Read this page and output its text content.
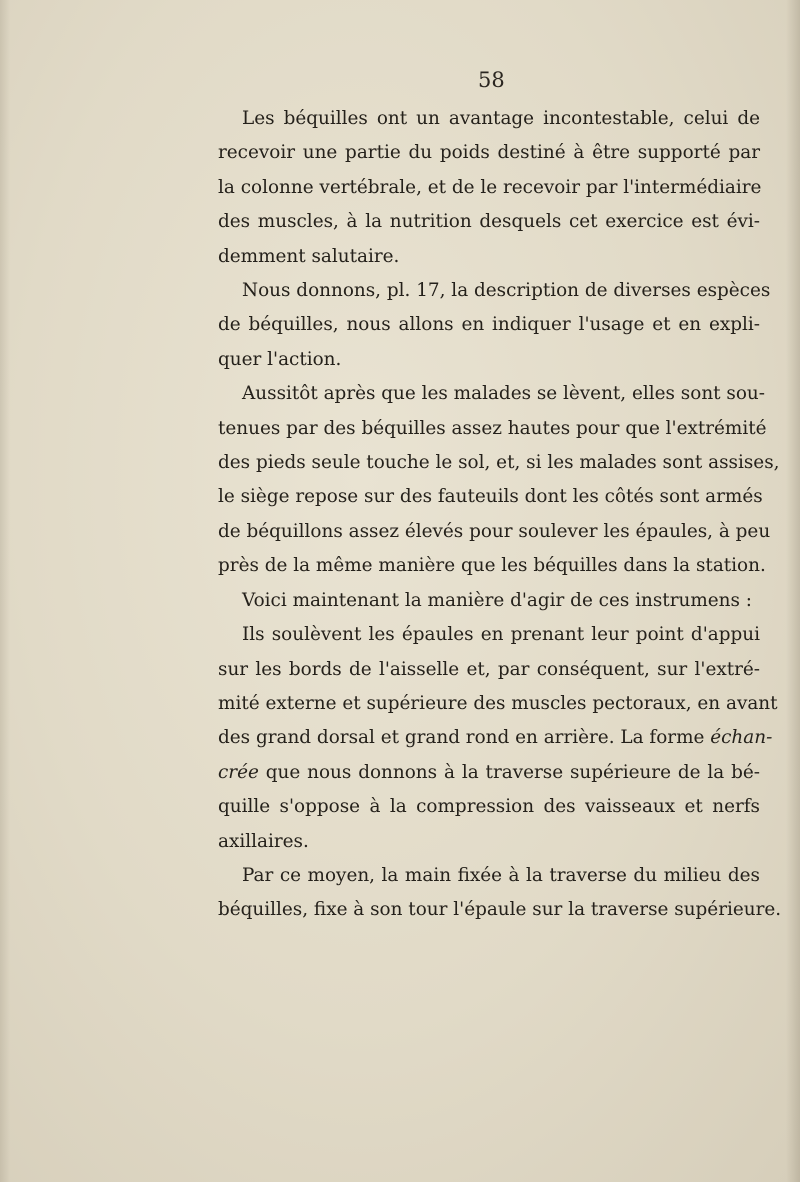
58

Les béquilles ont un avantage incontestable, celui de
recevoir une partie du poids destiné à être supporté par
la colonne vertébrale, et de le recevoir par l'intermédiaire
des muscles, à la nutrition desquels cet exercice est évi-
demment salutaire.

Nous donnons, pl. 17, la description de diverses espèces
de béquilles, nous allons en indiquer l'usage et en expli-
quer l'action.

Aussitôt après que les malades se lèvent, elles sont sou-
tenues par des béquilles assez hautes pour que l'extrémité
des pieds seule touche le sol, et, si les malades sont assises,
le siège repose sur des fauteuils dont les côtés sont armés
de béquillons assez élevés pour soulever les épaules, à peu
près de la même manière que les béquilles dans la station.

Voici maintenant la manière d'agir de ces instrumens :

Ils soulèvent les épaules en prenant leur point d'appui
sur les bords de l'aisselle et, par conséquent, sur l'extré-
mité externe et supérieure des muscles pectoraux, en avant
des grand dorsal et grand rond en arrière. La forme échan-
crée que nous donnons à la traverse supérieure de la bé-
quille s'oppose à la compression des vaisseaux et nerfs
axillaires.

Par ce moyen, la main fixée à la traverse du milieu des
béquilles, fixe à son tour l'épaule sur la traverse supérieure.
